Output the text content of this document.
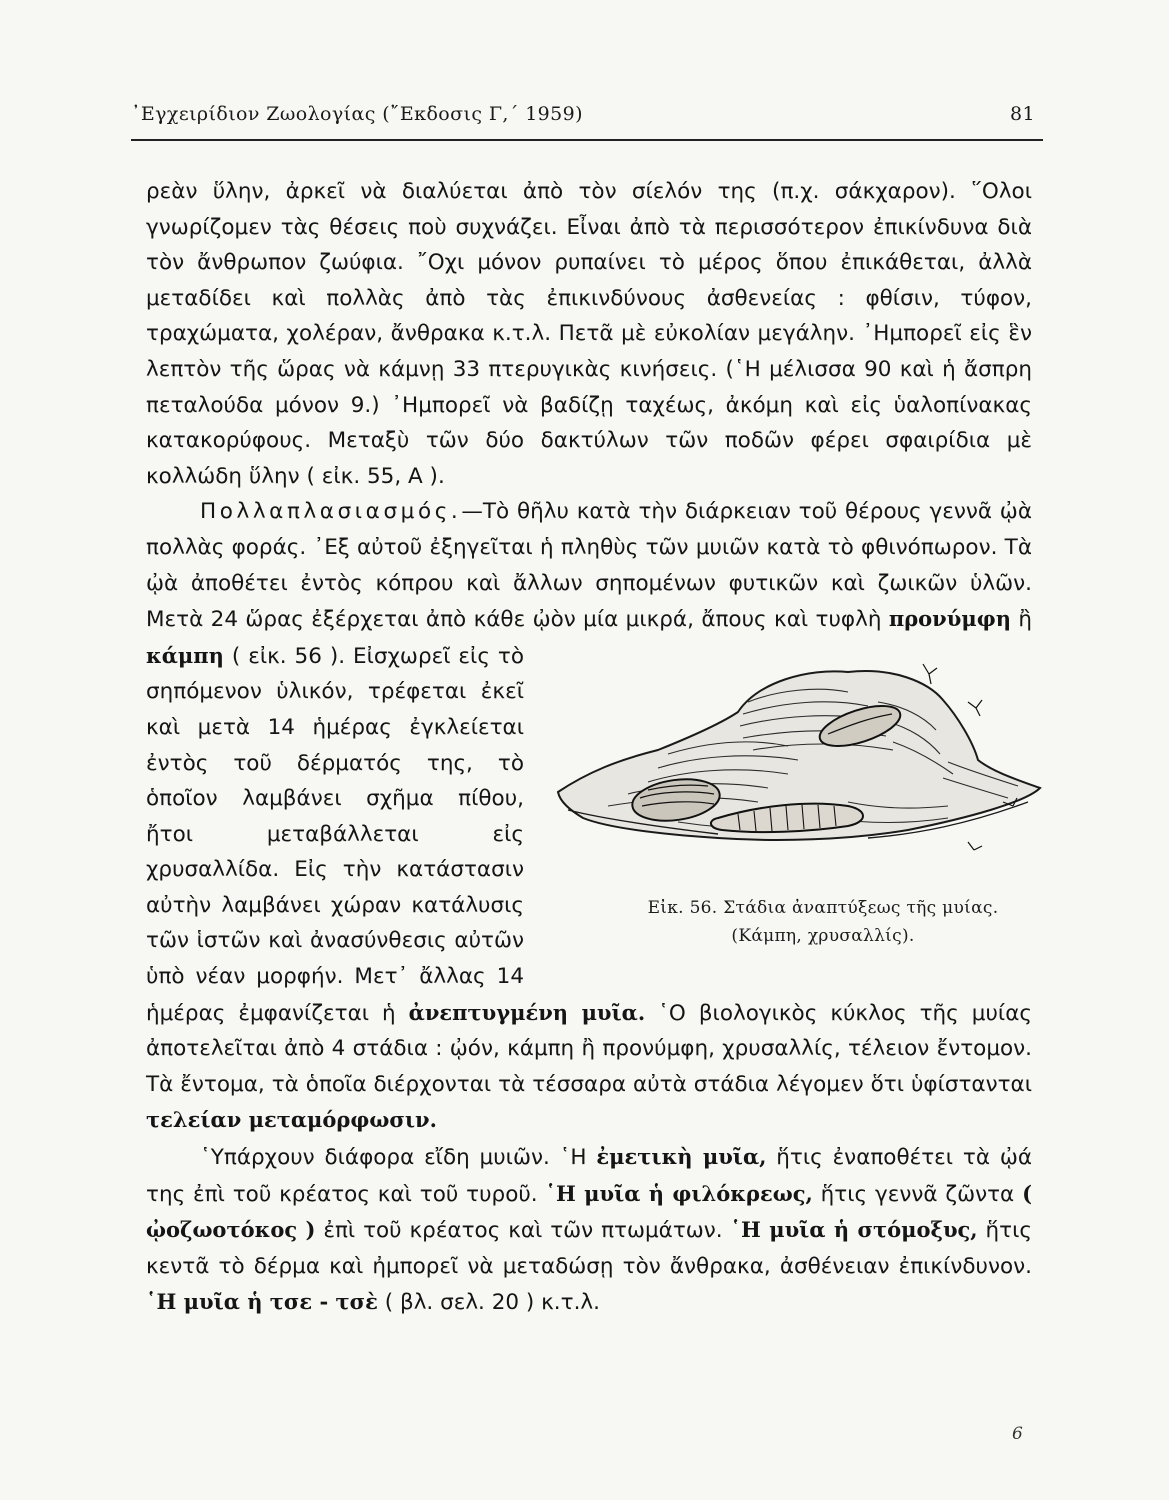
᾿Εγχειρίδιον Ζωολογίας (῎Εκδοσις Γ,΄ 1959)	81

ρεὰν ὕλην, ἀρκεῖ νὰ διαλύεται ἀπὸ τὸν σίελόν της (π.χ. σάκχαρον). ῞Ολοι γνωρίζομεν τὰς θέσεις ποὺ συχνάζει. Εἶναι ἀπὸ τὰ περισσότερον ἐπικίνδυνα διὰ τὸν ἄνθρωπον ζωύφια. ῎Οχι μόνον ρυπαίνει τὸ μέρος ὅπου ἐπικάθεται, ἀλλὰ μεταδίδει καὶ πολλὰς ἀπὸ τὰς ἐπικινδύνους ἀσθενείας : φθίσιν, τύφον, τραχώματα, χολέραν, ἄνθρακα κ.τ.λ. Πετᾶ μὲ εὐκολίαν μεγάλην. ᾿Ημπορεῖ εἰς ἓν λεπτὸν τῆς ὥρας νὰ κάμνῃ 33 πτερυγικὰς κινήσεις. (῾Η μέλισσα 90 καὶ ἡ ἄσπρη πεταλούδα μόνον 9.) ᾿Ημπορεῖ νὰ βαδίζῃ ταχέως, ἀκόμη καὶ εἰς ὑαλοπίνακας κατακορύφους. Μεταξὺ τῶν δύο δακτύλων τῶν ποδῶν φέρει σφαιρίδια μὲ κολλώδη ὕλην ( εἰκ. 55, Α ).

Πολλαπλασιασμός.—Τὸ θῆλυ κατὰ τὴν διάρκειαν τοῦ θέρους γεννᾶ ᾠὰ πολλὰς φοράς. ᾿Εξ αὐτοῦ ἐξηγεῖται ἡ πληθὺς τῶν μυιῶν κατὰ τὸ φθινόπωρον. Τὰ ᾠὰ ἀποθέτει ἐντὸς κόπρου καὶ ἄλλων σηπομένων φυτικῶν καὶ ζωικῶν ὑλῶν. Μετὰ 24 ὥρας ἐξέρχεται ἀπὸ κάθε ᾠὸν μία μικρά, ἄπους καὶ τυφλὴ
Εἰκ. 56. Στάδια ἀναπτύξεως τῆς μυίας.
(Κάμπη, χρυσαλλίς).
προνύμφη ἢ κάμπη ( εἰκ. 56 ). Εἰσχωρεῖ εἰς τὸ σηπόμενον ὑλικόν, τρέφεται ἐκεῖ καὶ μετὰ 14 ἡμέρας ἐγκλείεται ἐντὸς τοῦ δέρματός της, τὸ ὁποῖον λαμβάνει σχῆμα πίθου, ἤτοι μεταβάλλεται εἰς χρυσαλλίδα. Εἰς τὴν κατάστασιν αὐτὴν λαμβάνει χώραν κατάλυσις τῶν ἱστῶν καὶ ἀνασύνθεσις αὐτῶν ὑπὸ νέαν μορφήν. Μετ᾿ ἄλλας 14 ἡμέρας ἐμφανίζεται ἡ ἀνεπτυγμένη μυῖα. ῾Ο βιολογικὸς κύκλος τῆς μυίας ἀποτελεῖται ἀπὸ 4 στάδια : ᾠόν, κάμπη ἢ προνύμφη, χρυσαλλίς, τέλειον ἔντομον. Τὰ ἔντομα, τὰ ὁποῖα διέρχονται τὰ τέσσαρα αὐτὰ στάδια λέγομεν ὅτι ὑφίστανται τελείαν μεταμόρφωσιν.

῾Υπάρχουν διάφορα εἴδη μυιῶν. ῾Η ἐμετικὴ μυῖα, ἥτις ἐναποθέτει τὰ ᾠά της ἐπὶ τοῦ κρέατος καὶ τοῦ τυροῦ. ῾Η μυῖα ἡ φιλόκρεως, ἥτις γεννᾶ ζῶντα ( ᾠοζωοτόκος ) ἐπὶ τοῦ κρέατος καὶ τῶν πτωμάτων. ῾Η μυῖα ἡ στόμοξυς, ἥτις κεντᾶ τὸ δέρμα καὶ ἠμπορεῖ νὰ μεταδώσῃ τὸν ἄνθρακα, ἀσθένειαν ἐπικίνδυνον. ῾Η μυῖα ἡ τσε - τσὲ ( βλ. σελ. 20 ) κ.τ.λ.

6
